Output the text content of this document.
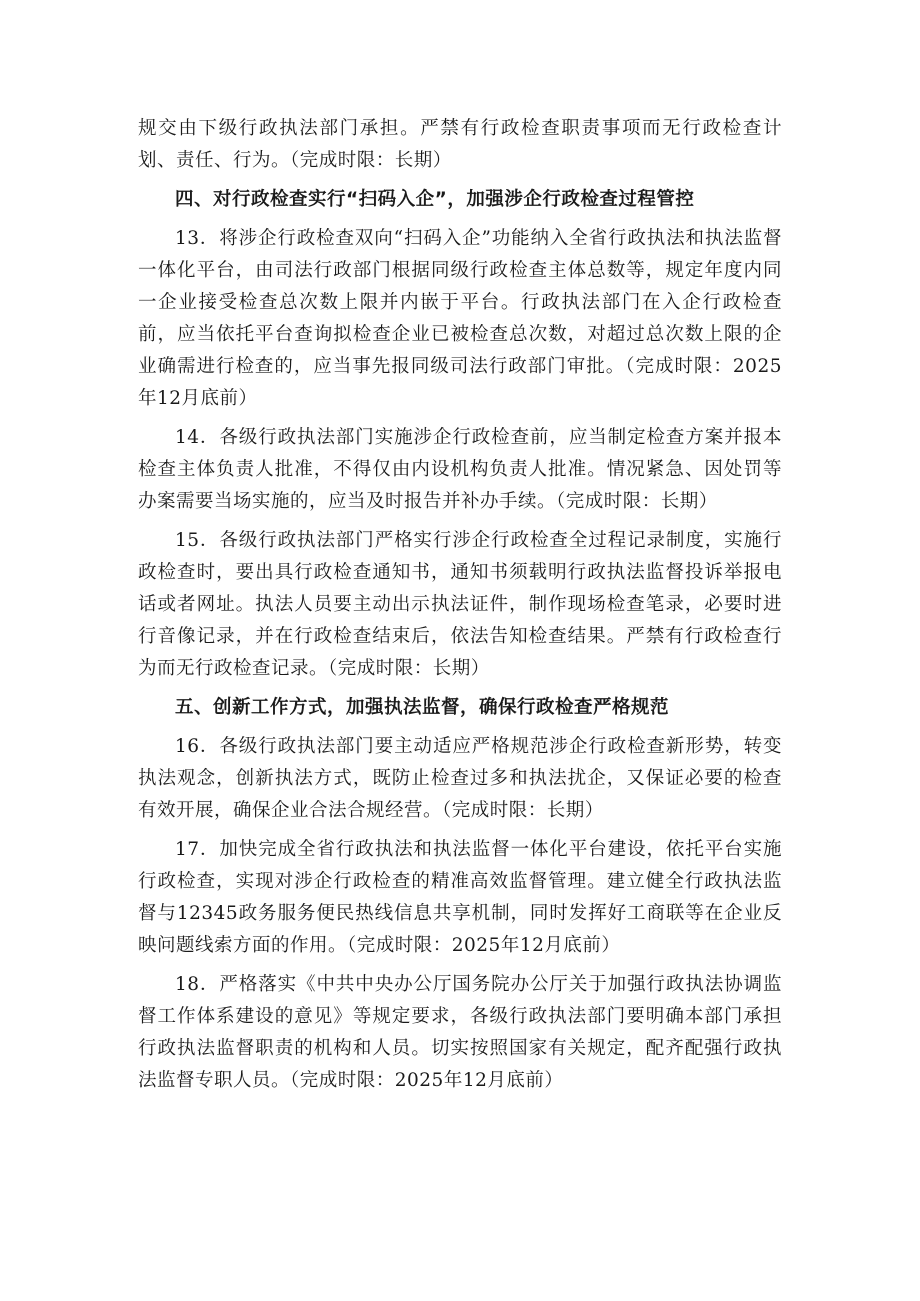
规交由下级行政执法部门承担。严禁有行政检查职责事项而无行政检查计划、责任、行为。（完成时限：长期）

四、对行政检查实行“扫码入企”，加强涉企行政检查过程管控

13．将涉企行政检查双向“扫码入企”功能纳入全省行政执法和执法监督一体化平台，由司法行政部门根据同级行政检查主体总数等，规定年度内同一企业接受检查总次数上限并内嵌于平台。行政执法部门在入企行政检查前，应当依托平台查询拟检查企业已被检查总次数，对超过总次数上限的企业确需进行检查的，应当事先报同级司法行政部门审批。（完成时限：2025年12月底前）

14．各级行政执法部门实施涉企行政检查前，应当制定检查方案并报本检查主体负责人批准，不得仅由内设机构负责人批准。情况紧急、因处罚等办案需要当场实施的，应当及时报告并补办手续。（完成时限：长期）

15．各级行政执法部门严格实行涉企行政检查全过程记录制度，实施行政检查时，要出具行政检查通知书，通知书须载明行政执法监督投诉举报电话或者网址。执法人员要主动出示执法证件，制作现场检查笔录，必要时进行音像记录，并在行政检查结束后，依法告知检查结果。严禁有行政检查行为而无行政检查记录。（完成时限：长期）

五、创新工作方式，加强执法监督，确保行政检查严格规范

16．各级行政执法部门要主动适应严格规范涉企行政检查新形势，转变执法观念，创新执法方式，既防止检查过多和执法扰企，又保证必要的检查有效开展，确保企业合法合规经营。（完成时限：长期）

17．加快完成全省行政执法和执法监督一体化平台建设，依托平台实施行政检查，实现对涉企行政检查的精准高效监督管理。建立健全行政执法监督与12345政务服务便民热线信息共享机制，同时发挥好工商联等在企业反映问题线索方面的作用。（完成时限：2025年12月底前）

18．严格落实《中共中央办公厅国务院办公厅关于加强行政执法协调监督工作体系建设的意见》等规定要求，各级行政执法部门要明确本部门承担行政执法监督职责的机构和人员。切实按照国家有关规定，配齐配强行政执法监督专职人员。（完成时限：2025年12月底前）
